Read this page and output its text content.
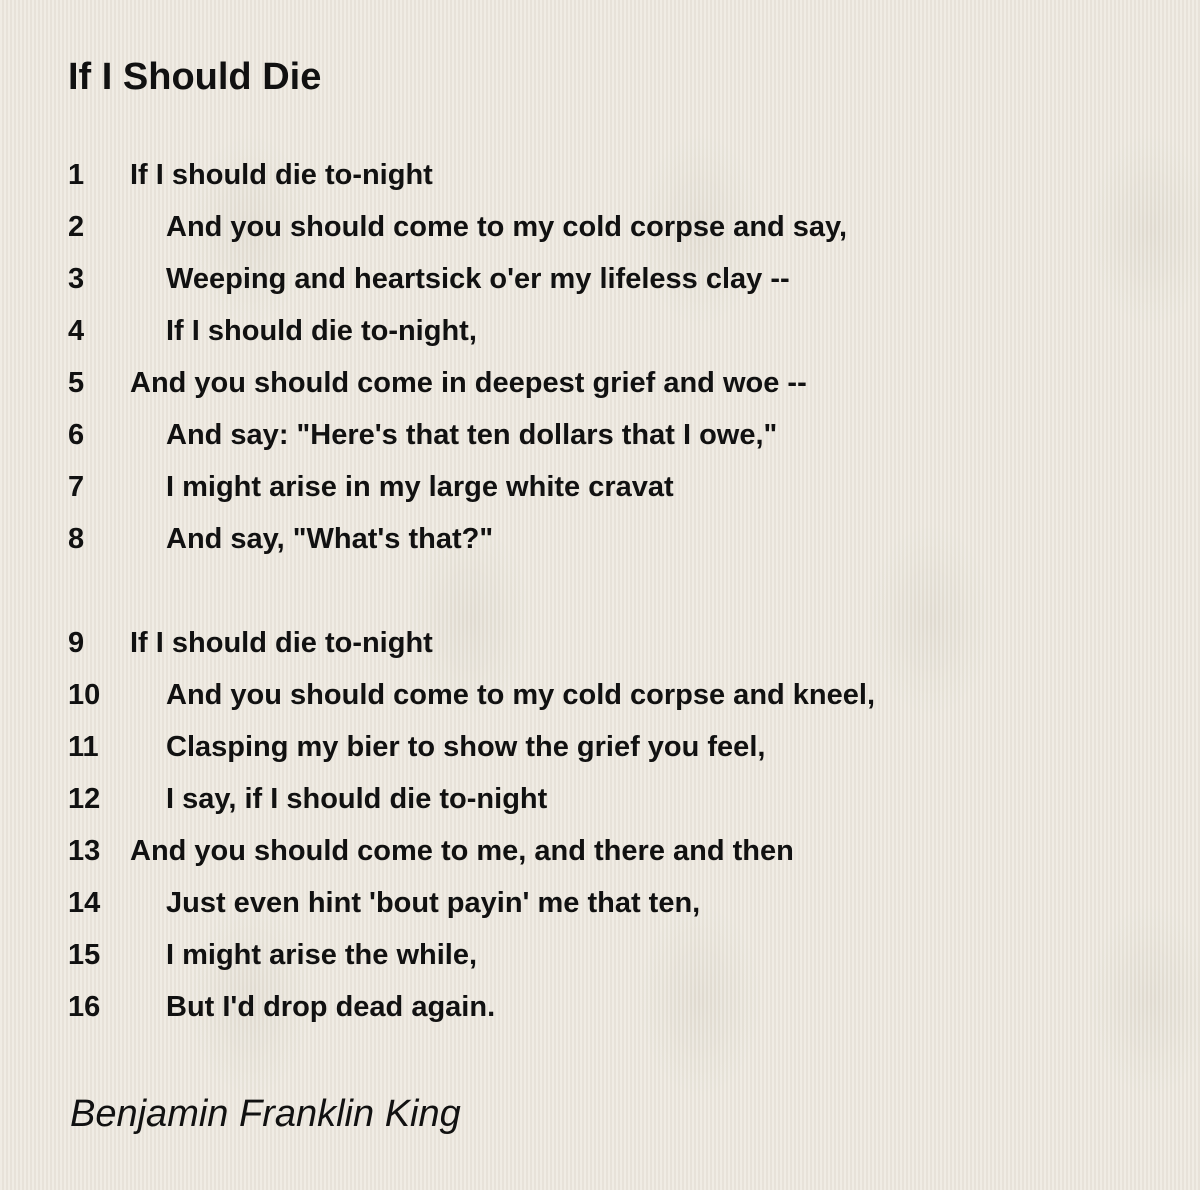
If I Should Die
1 If I should die to-night
2	And you should come to my cold corpse and say,
3	Weeping and heartsick o'er my lifeless clay --
4	If I should die to-night,
5 And you should come in deepest grief and woe --
6	And say: "Here's that ten dollars that I owe,"
7	I might arise in my large white cravat
8	And say, "What's that?"
9 If I should die to-night
10 And you should come to my cold corpse and kneel,
11 Clasping my bier to show the grief you feel,
12 I say, if I should die to-night
13 And you should come to me, and there and then
14 Just even hint 'bout payin' me that ten,
15 I might arise the while,
16 But I'd drop dead again.
Benjamin Franklin King
